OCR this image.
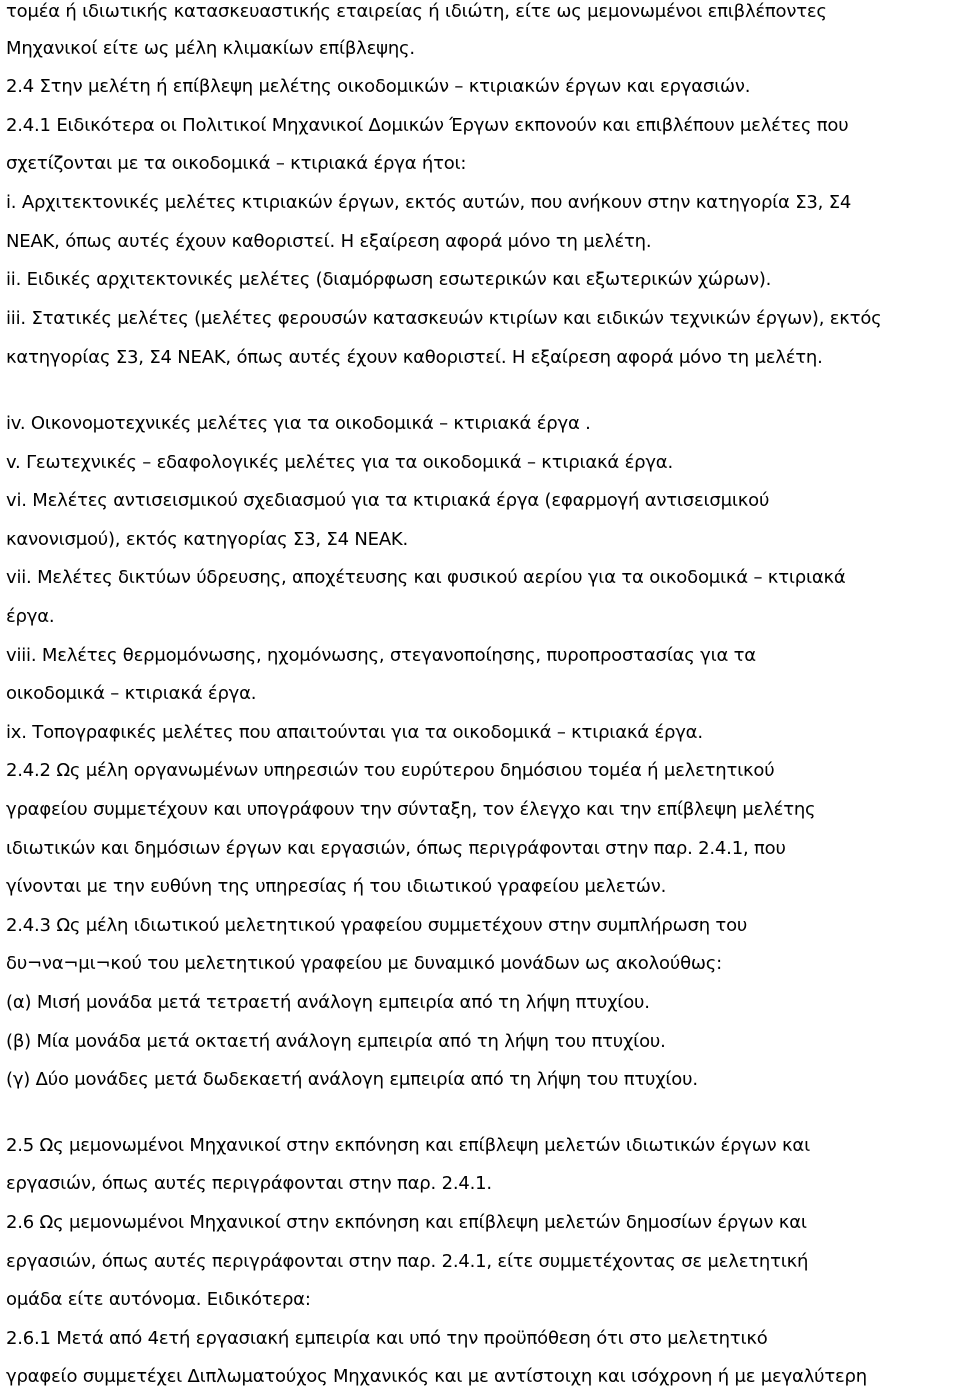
τομέα ή ιδιωτικής κατασκευαστικής εταιρείας ή ιδιώτη, είτε ως μεμονωμένοι επιβλέποντες
Μηχανικοί είτε ως μέλη κλιμακίων επίβλεψης.
2.4 Στην μελέτη ή επίβλεψη μελέτης οικοδομικών – κτιριακών έργων και εργασιών.
2.4.1 Ειδικότερα οι Πολιτικοί Μηχανικοί Δομικών Έργων εκπονούν και επιβλέπουν μελέτες που
σχετίζονται με τα οικοδομικά – κτιριακά έργα ήτοι:
i. Αρχιτεκτονικές μελέτες κτιριακών έργων, εκτός αυτών, που ανήκουν στην κατηγορία Σ3, Σ4
ΝΕΑΚ, όπως αυτές έχουν καθοριστεί. Η εξαίρεση αφορά μόνο τη μελέτη.
ii. Ειδικές αρχιτεκτονικές μελέτες (διαμόρφωση εσωτερικών και εξωτερικών χώρων).
iii. Στατικές μελέτες (μελέτες φερουσών κατασκευών κτιρίων και ειδικών τεχνικών έργων), εκτός
κατηγορίας Σ3, Σ4 ΝΕΑΚ, όπως αυτές έχουν καθοριστεί. Η εξαίρεση αφορά μόνο τη μελέτη.
iv. Οικονομοτεχνικές μελέτες για τα οικοδομικά – κτιριακά έργα .
v. Γεωτεχνικές – εδαφολογικές μελέτες για τα οικοδομικά – κτιριακά έργα.
vi. Μελέτες αντισεισμικού σχεδιασμού για τα κτιριακά έργα (εφαρμογή αντισεισμικού
κανονισμού), εκτός κατηγορίας Σ3, Σ4 ΝΕΑΚ.
vii. Μελέτες δικτύων ύδρευσης, αποχέτευσης και φυσικού αερίου για τα οικοδομικά – κτιριακά
έργα.
viii. Μελέτες θερμομόνωσης, ηχομόνωσης, στεγανοποίησης, πυροπροστασίας για τα
οικοδομικά – κτιριακά έργα.
ix. Τοπογραφικές μελέτες που απαιτούνται για τα οικοδομικά – κτιριακά έργα.
2.4.2 Ως μέλη οργανωμένων υπηρεσιών του ευρύτερου δημόσιου τομέα ή μελετητικού
γραφείου συμμετέχουν και υπογράφουν την σύνταξη, τον έλεγχο και την επίβλεψη μελέτης
ιδιωτικών και δημόσιων έργων και εργασιών, όπως περιγράφονται στην παρ. 2.4.1, που
γίνονται με την ευθύνη της υπηρεσίας ή του ιδιωτικού γραφείου μελετών.
2.4.3 Ως μέλη ιδιωτικού μελετητικού γραφείου συμμετέχουν στην συμπλήρωση του
δυ¬να¬μι¬κού του μελετητικού γραφείου με δυναμικό μονάδων ως ακολούθως:
(α) Μισή μονάδα μετά τετραετή ανάλογη εμπειρία από τη λήψη πτυχίου.
(β) Μία μονάδα μετά οκταετή ανάλογη εμπειρία από τη λήψη του πτυχίου.
(γ) Δύο μονάδες μετά δωδεκαετή ανάλογη εμπειρία από τη λήψη του πτυχίου.
2.5 Ως μεμονωμένοι Μηχανικοί στην εκπόνηση και επίβλεψη μελετών ιδιωτικών έργων και
εργασιών, όπως αυτές περιγράφονται στην παρ. 2.4.1.
2.6 Ως μεμονωμένοι Μηχανικοί στην εκπόνηση και επίβλεψη μελετών δημοσίων έργων και
εργασιών, όπως αυτές περιγράφονται στην παρ. 2.4.1, είτε συμμετέχοντας σε μελετητική
ομάδα είτε αυτόνομα. Ειδικότερα:
2.6.1 Μετά από 4ετή εργασιακή εμπειρία και υπό την προϋπόθεση ότι στο μελετητικό
γραφείο συμμετέχει Διπλωματούχος Μηχανικός και με αντίστοιχη και ισόχρονη ή με μεγαλύτερη
